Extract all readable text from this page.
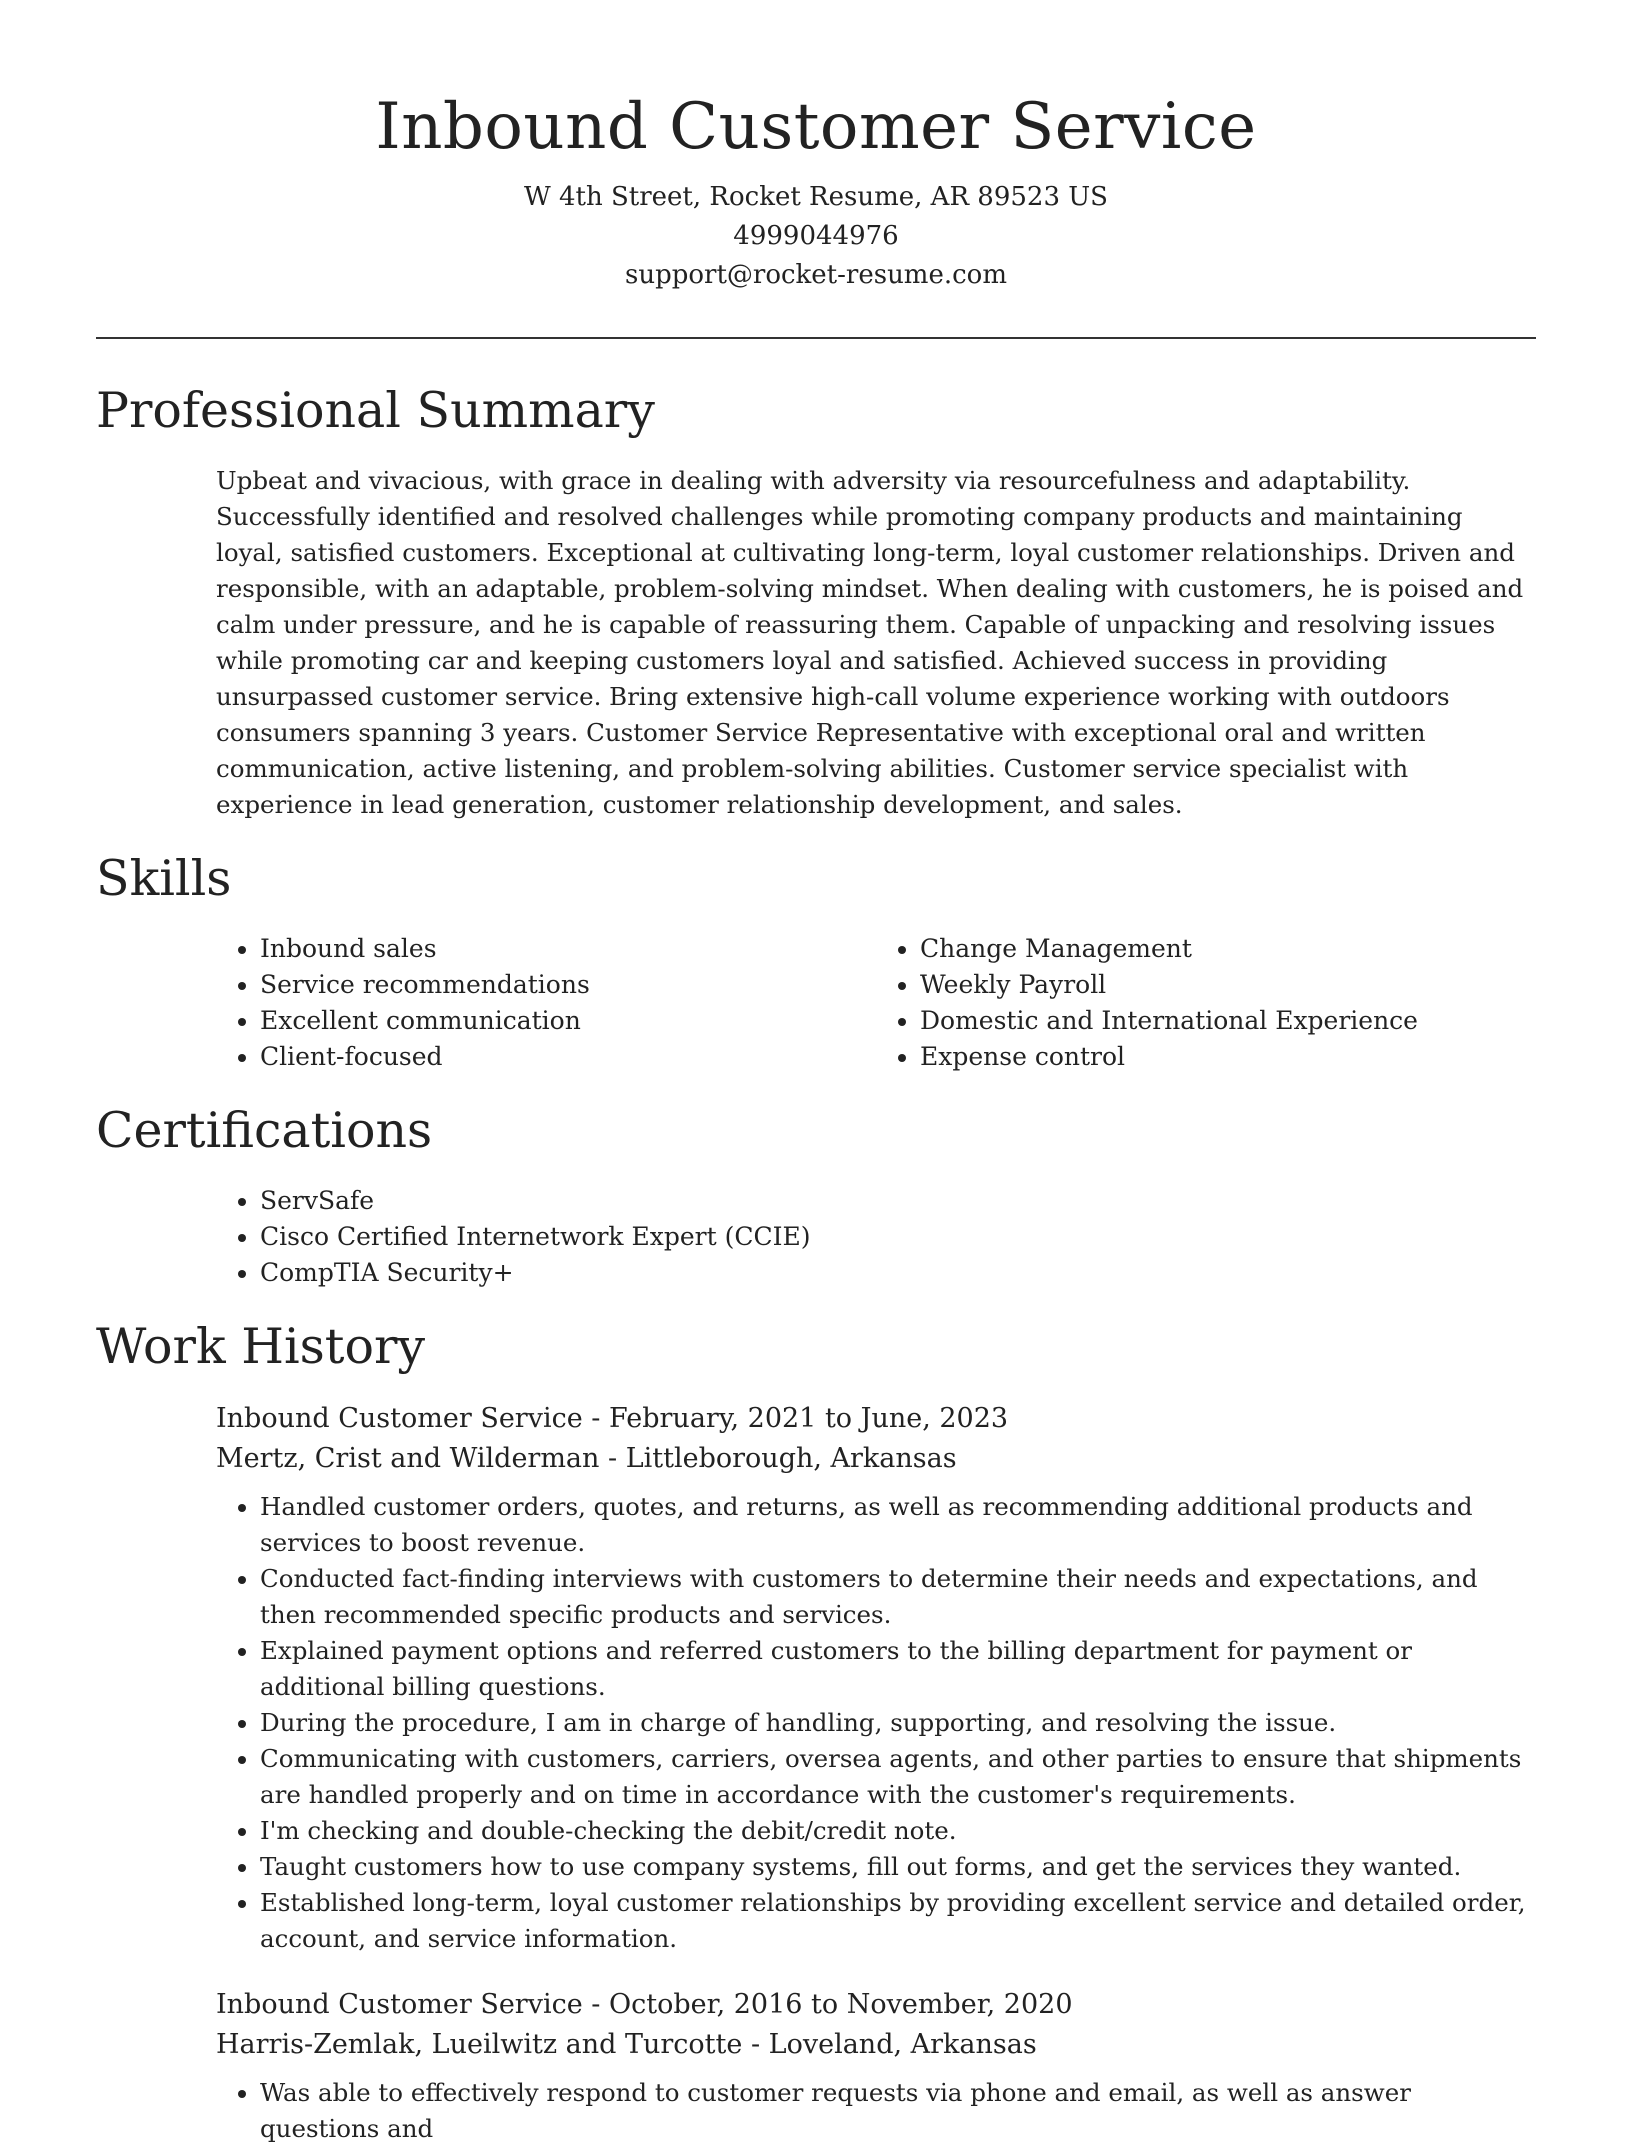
Inbound Customer Service
W 4th Street, Rocket Resume, AR 89523 US
4999044976
support@rocket-resume.com
Professional Summary
Upbeat and vivacious, with grace in dealing with adversity via resourcefulness and adaptability. Successfully identified and resolved challenges while promoting company products and maintaining loyal, satisfied customers. Exceptional at cultivating long-term, loyal customer relationships. Driven and responsible, with an adaptable, problem-solving mindset. When dealing with customers, he is poised and calm under pressure, and he is capable of reassuring them. Capable of unpacking and resolving issues while promoting car and keeping customers loyal and satisfied. Achieved success in providing unsurpassed customer service. Bring extensive high-call volume experience working with outdoors consumers spanning 3 years. Customer Service Representative with exceptional oral and written communication, active listening, and problem-solving abilities. Customer service specialist with experience in lead generation, customer relationship development, and sales.
Skills
• Inbound sales
• Service recommendations
• Excellent communication
• Client-focused
• Change Management
• Weekly Payroll
• Domestic and International Experience
• Expense control
Certifications
• ServSafe
• Cisco Certified Internetwork Expert (CCIE)
• CompTIA Security+
Work History
Inbound Customer Service - February, 2021 to June, 2023
Mertz, Crist and Wilderman - Littleborough, Arkansas
• Handled customer orders, quotes, and returns, as well as recommending additional products and services to boost revenue.
• Conducted fact-finding interviews with customers to determine their needs and expectations, and then recommended specific products and services.
• Explained payment options and referred customers to the billing department for payment or additional billing questions.
• During the procedure, I am in charge of handling, supporting, and resolving the issue.
• Communicating with customers, carriers, oversea agents, and other parties to ensure that shipments are handled properly and on time in accordance with the customer's requirements.
• I'm checking and double-checking the debit/credit note.
• Taught customers how to use company systems, fill out forms, and get the services they wanted.
• Established long-term, loyal customer relationships by providing excellent service and detailed order, account, and service information.
Inbound Customer Service - October, 2016 to November, 2020
Harris-Zemlak, Lueilwitz and Turcotte - Loveland, Arkansas
• Was able to effectively respond to customer requests via phone and email, as well as answer questions and
